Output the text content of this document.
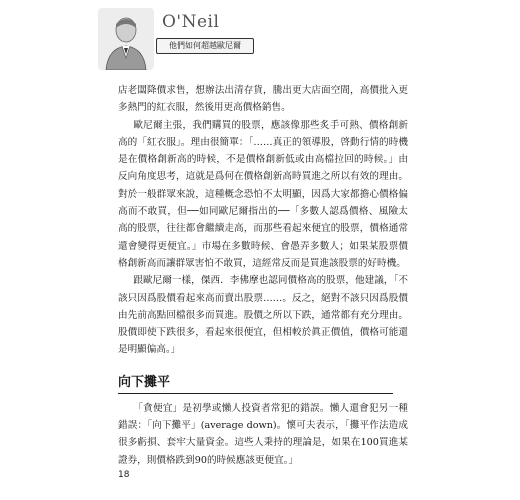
O'Neil
他們如何超越歐尼爾

店老闆降價求售，想辦法出清存貨，騰出更大店面空間，高價批入更多熱門的紅衣服，然後用更高價格銷售。

歐尼爾主張，我們購買的股票，應該像那些炙手可熱、價格創新高的「紅衣服」。理由很簡單：「……真正的領導股，啓動行情的時機是在價格創新高的時候，不是價格創新低或由高檔拉回的時候。」由反向角度思考，這就是爲何在價格創新高時買進之所以有效的理由。對於一般群眾來說，這種概念恐怕不太明顯，因爲大家都擔心價格偏高而不敢買，但──如同歐尼爾指出的──「多數人認爲價格、風險太高的股票，往往都會繼續走高，而那些看起來便宜的股票，價格通常還會變得更便宜。」市場在多數時候、會愚弄多數人；如果某股票價格創新高而讓群眾害怕不敢買，這經常反而是買進該股票的好時機。

跟歐尼爾一樣，傑西．李佛摩也認同價格高的股票，他建議，「不該只因爲股價看起來高而賣出股票……。反之，絕對不該只因爲股價由先前高點回檔很多而買進。股價之所以下跌，通常都有充分理由。股價即使下跌很多，看起來很便宜，但相較於眞正價值，價格可能還是明顯偏高。」

向下攤平

「貪便宜」是初學或懶人投資者常犯的錯誤。懶人還會犯另一種錯誤：「向下攤平」(average down)。懷可夫表示，「攤平作法造成很多虧損、套牢大量資金。這些人秉持的理論是，如果在100買進某證券，則價格跌到90的時候應該更便宜。」

18
